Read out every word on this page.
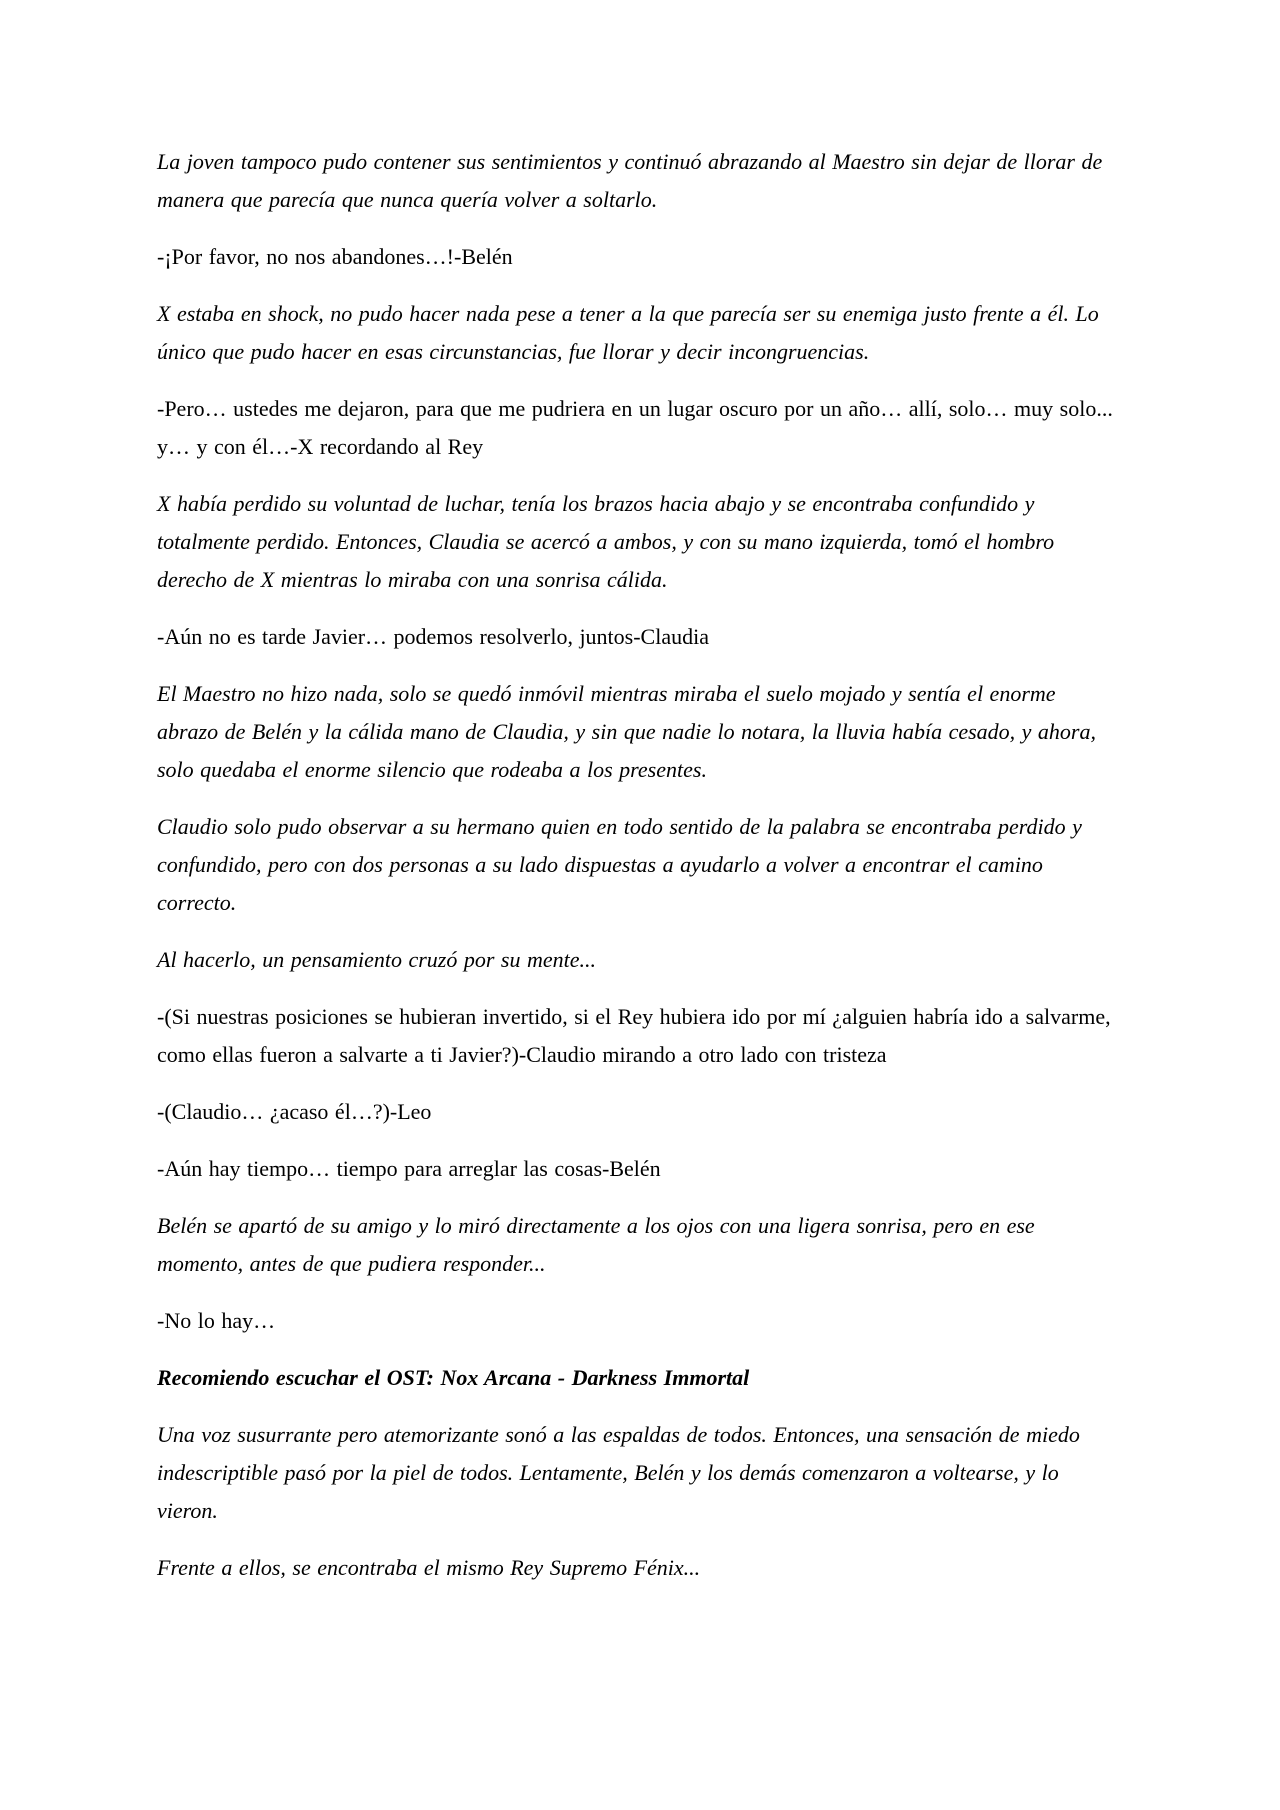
La joven tampoco pudo contener sus sentimientos y continuó abrazando al Maestro sin dejar de llorar de manera que parecía que nunca quería volver a soltarlo.

-¡Por favor, no nos abandones…!-Belén

X estaba en shock, no pudo hacer nada pese a tener a la que parecía ser su enemiga justo frente a él. Lo único que pudo hacer en esas circunstancias, fue llorar y decir incongruencias.

-Pero… ustedes me dejaron, para que me pudriera en un lugar oscuro por un año… allí, solo… muy solo... y… y con él…-X recordando al Rey

X había perdido su voluntad de luchar, tenía los brazos hacia abajo y se encontraba confundido y totalmente perdido. Entonces, Claudia se acercó a ambos, y con su mano izquierda, tomó el hombro derecho de X mientras lo miraba con una sonrisa cálida.

-Aún no es tarde Javier… podemos resolverlo, juntos-Claudia

El Maestro no hizo nada, solo se quedó inmóvil mientras miraba el suelo mojado y sentía el enorme abrazo de Belén y la cálida mano de Claudia, y sin que nadie lo notara, la lluvia había cesado, y ahora, solo quedaba el enorme silencio que rodeaba a los presentes.

Claudio solo pudo observar a su hermano quien en todo sentido de la palabra se encontraba perdido y confundido, pero con dos personas a su lado dispuestas a ayudarlo a volver a encontrar el camino correcto.

Al hacerlo, un pensamiento cruzó por su mente...

-(Si nuestras posiciones se hubieran invertido, si el Rey hubiera ido por mí ¿alguien habría ido a salvarme, como ellas fueron a salvarte a ti Javier?)-Claudio mirando a otro lado con tristeza

-(Claudio… ¿acaso él…?)-Leo

-Aún hay tiempo… tiempo para arreglar las cosas-Belén

Belén se apartó de su amigo y lo miró directamente a los ojos con una ligera sonrisa, pero en ese momento, antes de que pudiera responder...

-No lo hay…

Recomiendo escuchar el OST: Nox Arcana - Darkness Immortal

Una voz susurrante pero atemorizante sonó a las espaldas de todos. Entonces, una sensación de miedo indescriptible pasó por la piel de todos. Lentamente, Belén y los demás comenzaron a voltearse, y lo vieron.

Frente a ellos, se encontraba el mismo Rey Supremo Fénix...
